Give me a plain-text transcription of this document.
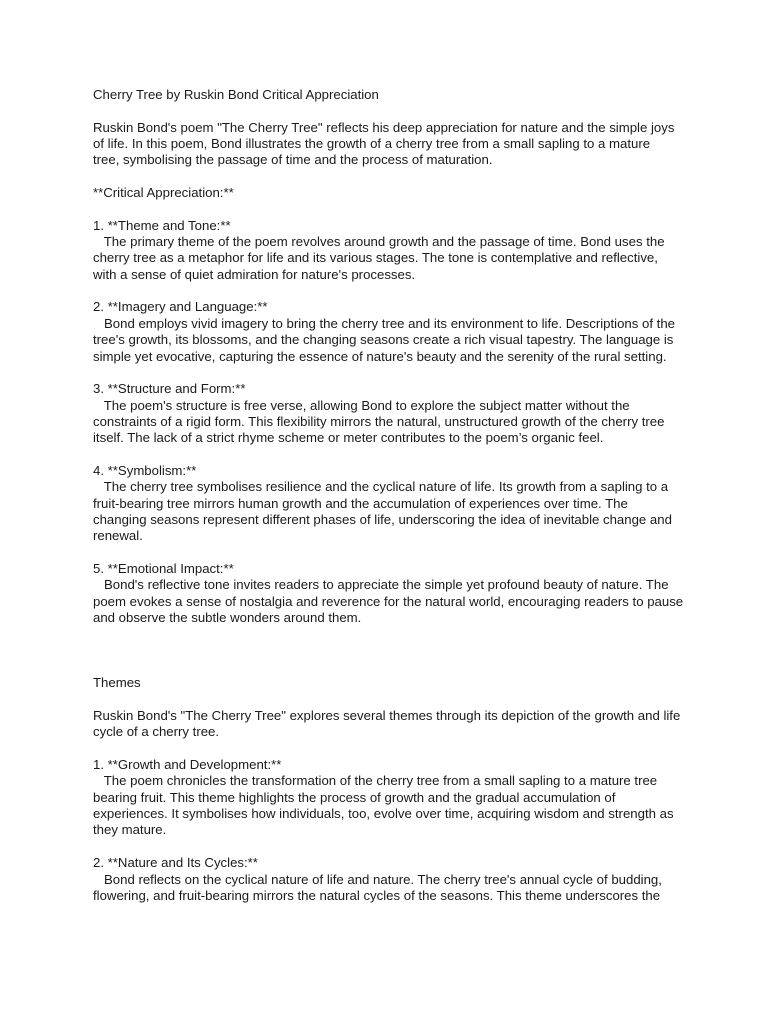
Cherry Tree by Ruskin Bond Critical Appreciation
Ruskin Bond's poem "The Cherry Tree" reflects his deep appreciation for nature and the simple joys
of life. In this poem, Bond illustrates the growth of a cherry tree from a small sapling to a mature
tree, symbolising the passage of time and the process of maturation.
**Critical Appreciation:**
1. **Theme and Tone:**
The primary theme of the poem revolves around growth and the passage of time. Bond uses the
cherry tree as a metaphor for life and its various stages. The tone is contemplative and reflective,
with a sense of quiet admiration for nature's processes.
2. **Imagery and Language:**
Bond employs vivid imagery to bring the cherry tree and its environment to life. Descriptions of the
tree's growth, its blossoms, and the changing seasons create a rich visual tapestry. The language is
simple yet evocative, capturing the essence of nature's beauty and the serenity of the rural setting.
3. **Structure and Form:**
The poem's structure is free verse, allowing Bond to explore the subject matter without the
constraints of a rigid form. This flexibility mirrors the natural, unstructured growth of the cherry tree
itself. The lack of a strict rhyme scheme or meter contributes to the poem’s organic feel.
4. **Symbolism:**
The cherry tree symbolises resilience and the cyclical nature of life. Its growth from a sapling to a
fruit-bearing tree mirrors human growth and the accumulation of experiences over time. The
changing seasons represent different phases of life, underscoring the idea of inevitable change and
renewal.
5. **Emotional Impact:**
Bond's reflective tone invites readers to appreciate the simple yet profound beauty of nature. The
poem evokes a sense of nostalgia and reverence for the natural world, encouraging readers to pause
and observe the subtle wonders around them.
Themes
Ruskin Bond's "The Cherry Tree" explores several themes through its depiction of the growth and life
cycle of a cherry tree.
1. **Growth and Development:**
The poem chronicles the transformation of the cherry tree from a small sapling to a mature tree
bearing fruit. This theme highlights the process of growth and the gradual accumulation of
experiences. It symbolises how individuals, too, evolve over time, acquiring wisdom and strength as
they mature.
2. **Nature and Its Cycles:**
Bond reflects on the cyclical nature of life and nature. The cherry tree's annual cycle of budding,
flowering, and fruit-bearing mirrors the natural cycles of the seasons. This theme underscores the
